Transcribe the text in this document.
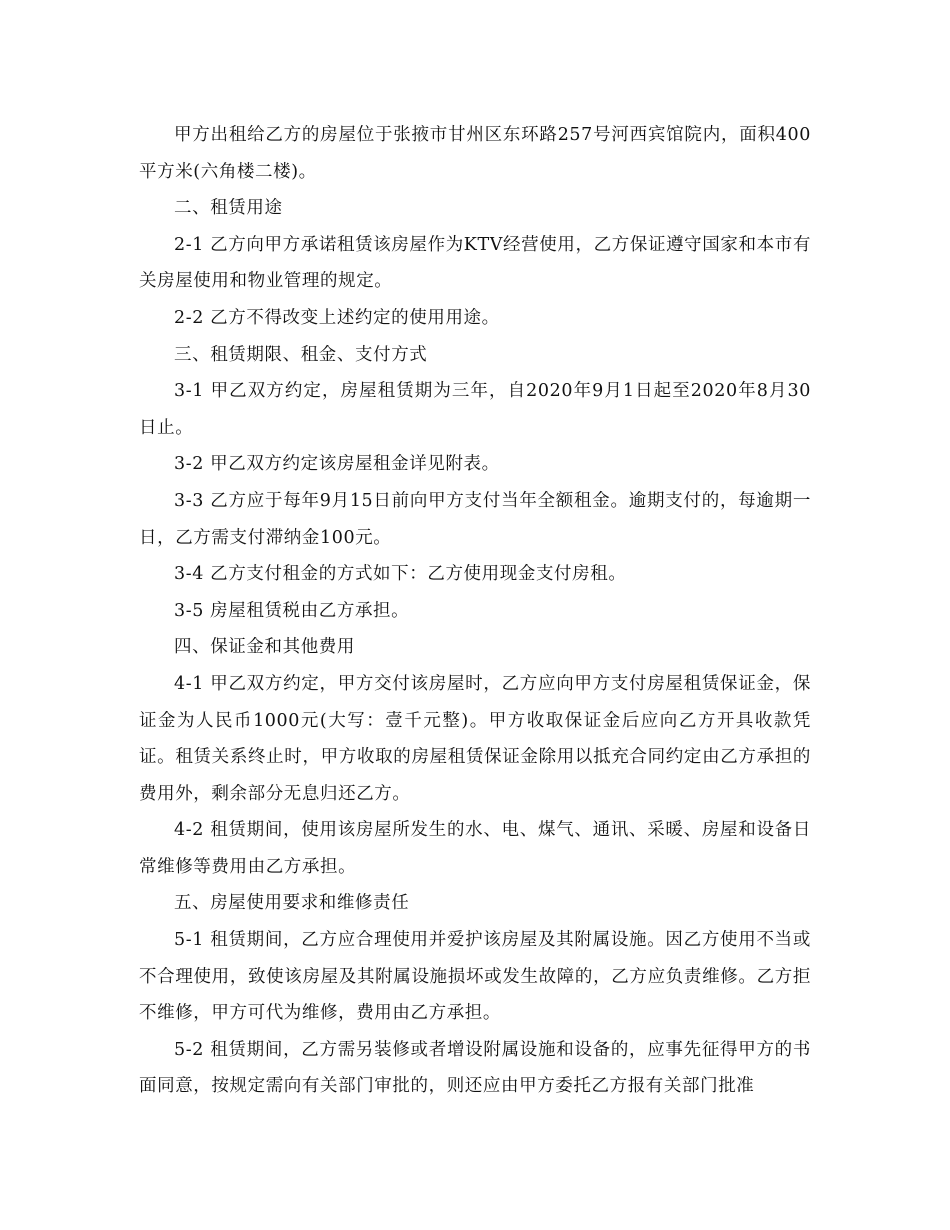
甲方出租给乙方的房屋位于张掖市甘州区东环路257号河西宾馆院内，面积400平方米(六角楼二楼)。

二、租赁用途

2-1 乙方向甲方承诺租赁该房屋作为KTV经营使用，乙方保证遵守国家和本市有关房屋使用和物业管理的规定。

2-2 乙方不得改变上述约定的使用用途。

三、租赁期限、租金、支付方式

3-1 甲乙双方约定，房屋租赁期为三年，自2020年9月1日起至2020年8月30日止。

3-2 甲乙双方约定该房屋租金详见附表。

3-3 乙方应于每年9月15日前向甲方支付当年全额租金。逾期支付的，每逾期一日，乙方需支付滞纳金100元。

3-4 乙方支付租金的方式如下：乙方使用现金支付房租。

3-5 房屋租赁税由乙方承担。

四、保证金和其他费用

4-1 甲乙双方约定，甲方交付该房屋时，乙方应向甲方支付房屋租赁保证金，保证金为人民币1000元(大写：壹千元整)。甲方收取保证金后应向乙方开具收款凭证。租赁关系终止时，甲方收取的房屋租赁保证金除用以抵充合同约定由乙方承担的费用外，剩余部分无息归还乙方。

4-2 租赁期间，使用该房屋所发生的水、电、煤气、通讯、采暖、房屋和设备日常维修等费用由乙方承担。

五、房屋使用要求和维修责任

5-1 租赁期间，乙方应合理使用并爱护该房屋及其附属设施。因乙方使用不当或不合理使用，致使该房屋及其附属设施损坏或发生故障的，乙方应负责维修。乙方拒不维修，甲方可代为维修，费用由乙方承担。

5-2 租赁期间，乙方需另装修或者增设附属设施和设备的，应事先征得甲方的书面同意，按规定需向有关部门审批的，则还应由甲方委托乙方报有关部门批准
